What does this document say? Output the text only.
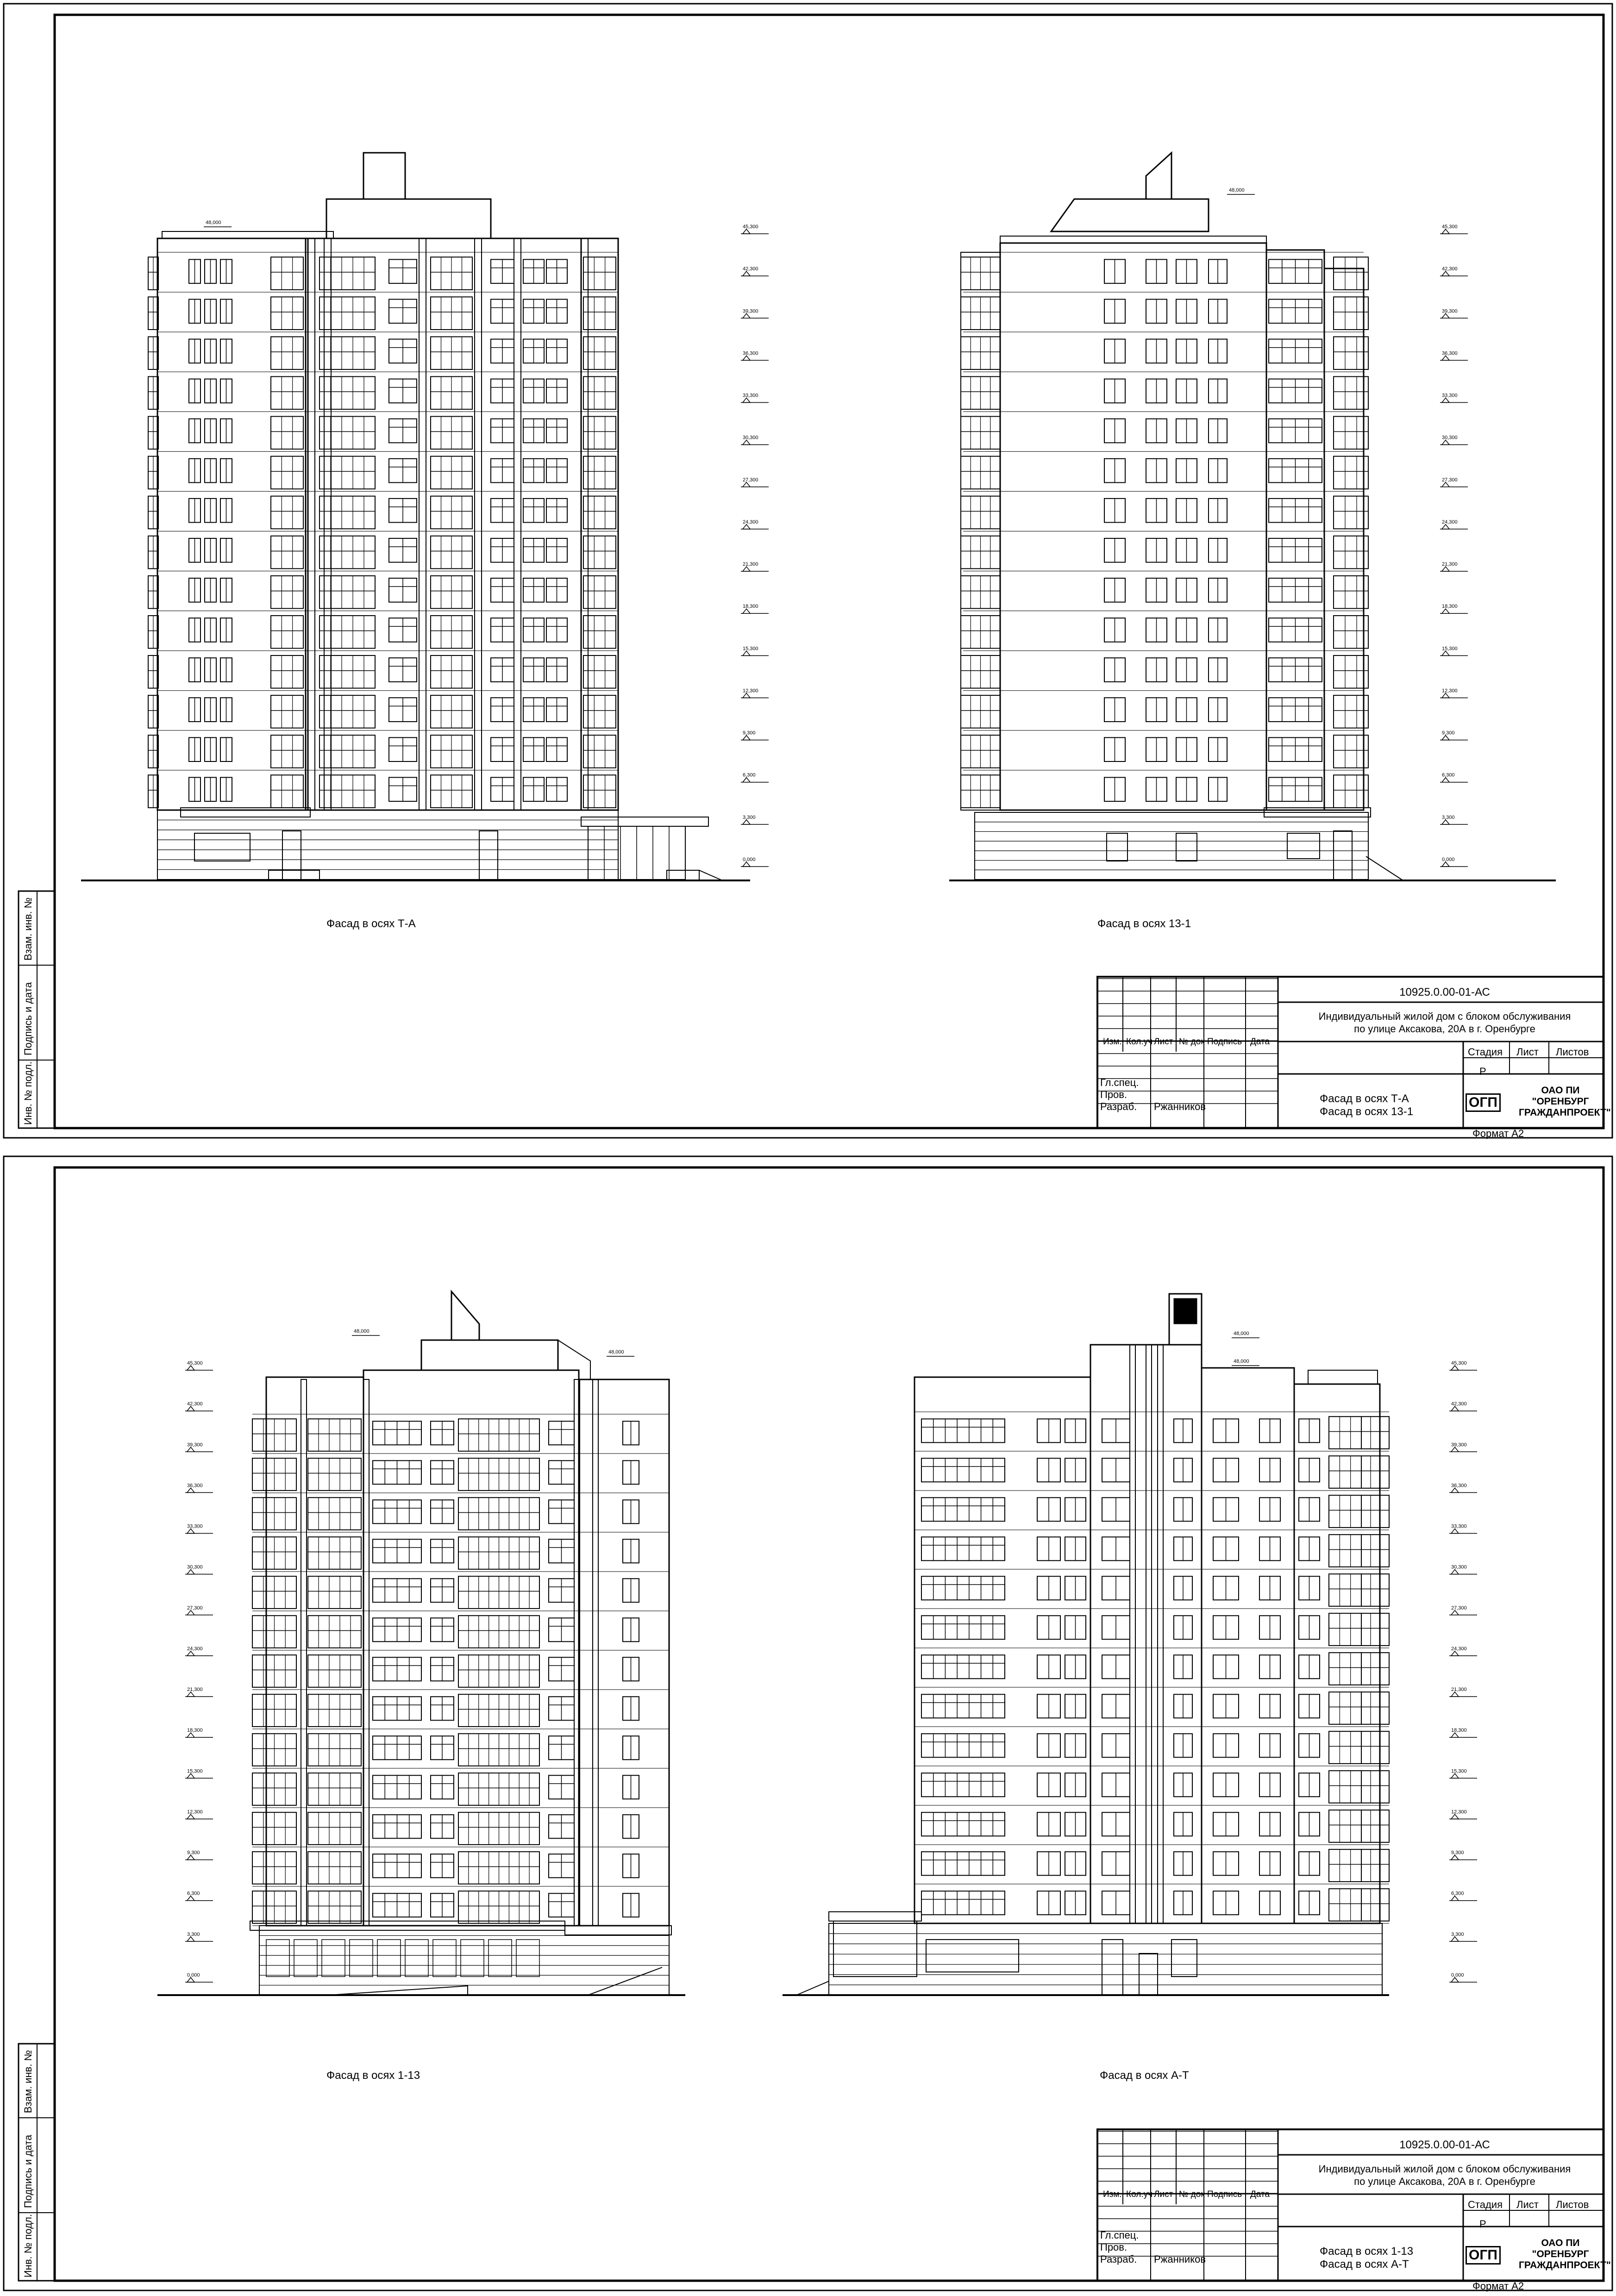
48,000
48,000
0,000
3,300
6,300
9,300
12,300
15,300
18,300
21,300
24,300
27,300
30,300
33,300
36,300
39,300
42,300
45,300
0,000
3,300
6,300
9,300
12,300
15,300
18,300
21,300
24,300
27,300
30,300
33,300
36,300
39,300
42,300
45,300
Взам. инв. №
Подпись и дата
Инв. № подл.
Фасад в осях Т-А	Фасад в осях 13-1
10925.0.00-01-АС
Индивидуальный жилой дом с блоком обслуживания
по улице Аксакова, 20А в г. Оренбурге
Изм. Кол.уч Лист № док Подпись Дата
Стадия Лист Листов
Р
Гл.спец.
Пров.
Разраб. Ржанников
Фасад в осях Т-А
Фасад в осях 13-1
ОГП
ОАО ПИ
"ОРЕНБУРГ
ГРАЖДАНПРОЕКТ"
Формат А2
48,000
48,000
48,000
48,000
0,000
3,300
6,300
9,300
12,300
15,300
18,300
21,300
24,300
27,300
30,300
33,300
36,300
39,300
42,300
45,300
0,000
3,300
6,300
9,300
12,300
15,300
18,300
21,300
24,300
27,300
30,300
33,300
36,300
39,300
42,300
45,300
Взам. инв. №
Подпись и дата
Инв. № подл.
Фасад в осях 1-13	Фасад в осях А-Т
10925.0.00-01-АС
Индивидуальный жилой дом с блоком обслуживания
по улице Аксакова, 20А в г. Оренбурге
Изм. Кол.уч Лист № док Подпись Дата
Стадия Лист Листов
Р
Гл.спец.
Пров.
Разраб. Ржанников
Фасад в осях 1-13
Фасад в осях А-Т
ОГП
ОАО ПИ
"ОРЕНБУРГ
ГРАЖДАНПРОЕКТ"
Формат А2
